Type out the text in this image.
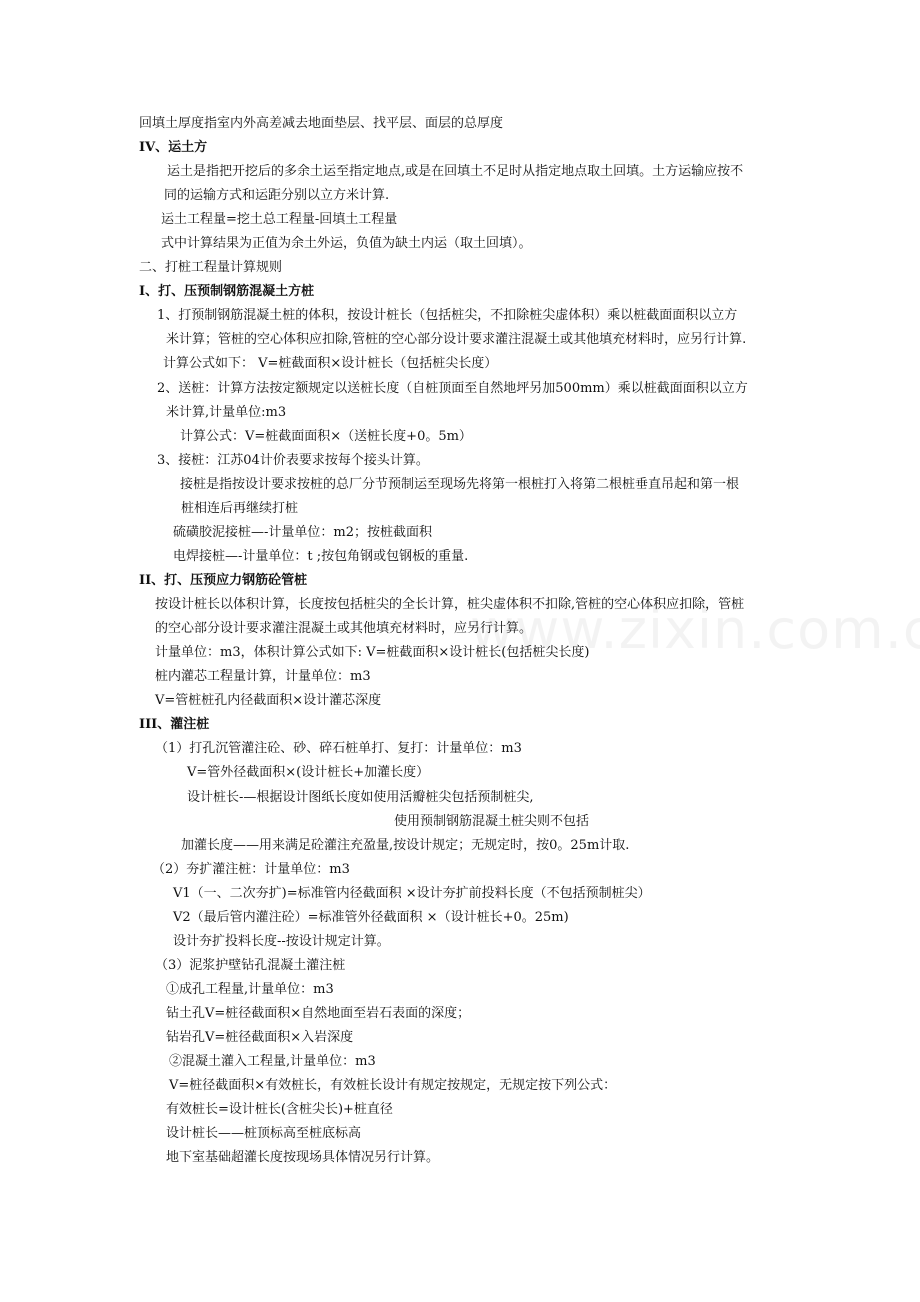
回填土厚度指室内外高差减去地面垫层、找平层、面层的总厚度
IV、运土方
运土是指把开挖后的多余土运至指定地点,或是在回填土不足时从指定地点取土回填。土方运输应按不
同的运输方式和运距分别以立方米计算.
运土工程量=挖土总工程量-回填土工程量
式中计算结果为正值为余土外运，负值为缺土内运（取土回填）。
二、打桩工程量计算规则
I、打、压预制钢筋混凝土方桩
1、打预制钢筋混凝土桩的体积，按设计桩长（包括桩尖，不扣除桩尖虚体积）乘以桩截面面积以立方
米计算；管桩的空心体积应扣除,管桩的空心部分设计要求灌注混凝土或其他填充材料时，应另行计算.
计算公式如下： V=桩截面积×设计桩长（包括桩尖长度）
2、送桩：计算方法按定额规定以送桩长度（自桩顶面至自然地坪另加500mm）乘以桩截面面积以立方
米计算,计量单位:m3
计算公式：V=桩截面面积×（送桩长度+0。5m）
3、接桩：江苏04计价表要求按每个接头计算。
接桩是指按设计要求按桩的总厂分节预制运至现场先将第一根桩打入将第二根桩垂直吊起和第一根
桩相连后再继续打桩
硫磺胶泥接桩—-计量单位：m2；按桩截面积
电焊接桩—-计量单位：t ;按包角钢或包钢板的重量.
II、打、压预应力钢筋砼管桩
按设计桩长以体积计算，长度按包括桩尖的全长计算，桩尖虚体积不扣除,管桩的空心体积应扣除，管桩
的空心部分设计要求灌注混凝土或其他填充材料时，应另行计算。
计量单位：m3，体积计算公式如下: V=桩截面积×设计桩长(包括桩尖长度)
桩内灌芯工程量计算，计量单位：m3
V=管桩桩孔内径截面积×设计灌芯深度
III、灌注桩
（1）打孔沉管灌注砼、砂、碎石桩单打、复打：计量单位：m3
V=管外径截面积×(设计桩长+加灌长度）
设计桩长-—根据设计图纸长度如使用活瓣桩尖包括预制桩尖,
使用预制钢筋混凝土桩尖则不包括
加灌长度——用来满足砼灌注充盈量,按设计规定；无规定时，按0。25m计取.
（2）夯扩灌注桩：计量单位：m3
V1（一、二次夯扩)=标准管内径截面积 ×设计夯扩前投料长度（不包括预制桩尖）
V2（最后管内灌注砼）=标准管外径截面积 ×（设计桩长+0。25m)
设计夯扩投料长度--按设计规定计算。
（3）泥浆护壁钻孔混凝土灌注桩
①成孔工程量,计量单位：m3
钻土孔V=桩径截面积×自然地面至岩石表面的深度；
钻岩孔V=桩径截面积×入岩深度
②混凝土灌入工程量,计量单位：m3
V=桩径截面积×有效桩长，有效桩长设计有规定按规定，无规定按下列公式：
有效桩长=设计桩长(含桩尖长)+桩直径
设计桩长——桩顶标高至桩底标高
地下室基础超灌长度按现场具体情况另行计算。
